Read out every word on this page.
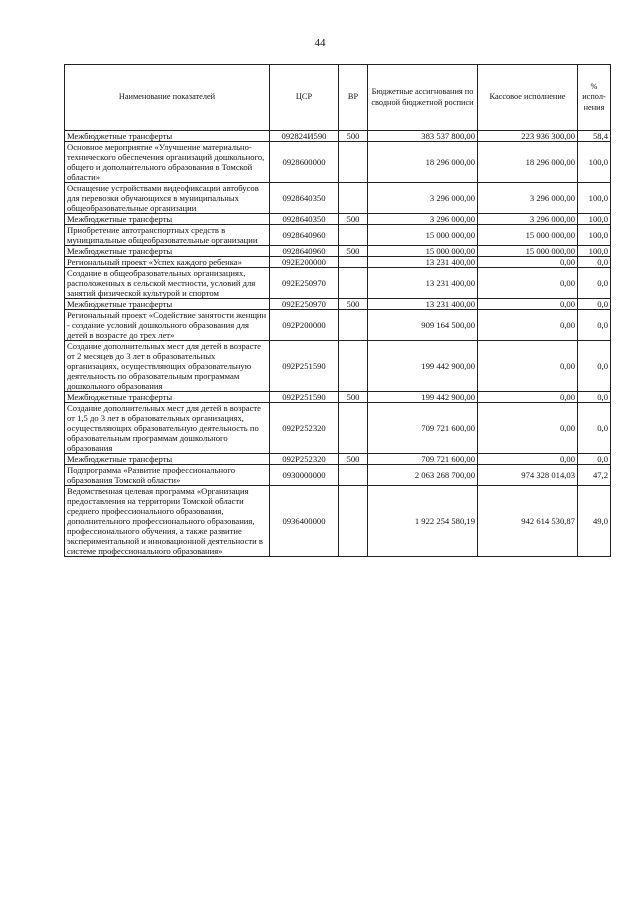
44
Наименование показателей	ЦСР	ВР	Бюджетные ассигнования по сводной бюджетной росписи	Кассовое исполнение	% испол-нения
Межбюджетные трансферты	092824И590	500	383 537 800,00	223 936 300,00	58,4
Основное мероприятие «Улучшение материально-технического обеспечения организаций дошкольного, общего и дополнительного образования в Томской области»	0928600000		18 296 000,00	18 296 000,00	100,0
Оснащение устройствами видеофиксации автобусов для перевозки обучающихся в муниципальных общеобразовательные организации	0928640350		3 296 000,00	3 296 000,00	100,0
Межбюджетные трансферты	0928640350	500	3 296 000,00	3 296 000,00	100,0
Приобретение автотранспортных средств в муниципальные общеобразовательные организации	0928640960		15 000 000,00	15 000 000,00	100,0
Межбюджетные трансферты	0928640960	500	15 000 000,00	15 000 000,00	100,0
Региональный проект «Успех каждого ребенка»	092E200000		13 231 400,00	0,00	0,0
Создание в общеобразовательных организациях, расположенных в сельской местности, условий для занятий физической культурой и спортом	092E250970		13 231 400,00	0,00	0,0
Межбюджетные трансферты	092E250970	500	13 231 400,00	0,00	0,0
Региональный проект «Содействие занятости женщин - создание условий дошкольного образования для детей в возрасте до трех лет»	092P200000		909 164 500,00	0,00	0,0
Создание дополнительных мест для детей в возрасте от 2 месяцев до 3 лет в образовательных организациях, осуществляющих образовательную деятельность по образовательным программам дошкольного образования	092P251590		199 442 900,00	0,00	0,0
Межбюджетные трансферты	092P251590	500	199 442 900,00	0,00	0,0
Создание дополнительных мест для детей в возрасте от 1,5 до 3 лет в образовательных организациях, осуществляющих образовательную деятельность по образовательным программам дошкольного образования	092P252320		709 721 600,00	0,00	0,0
Межбюджетные трансферты	092P252320	500	709 721 600,00	0,00	0,0
Подпрограмма «Развитие профессионального образования Томской области»	0930000000		2 063 268 700,00	974 328 014,03	47,2
Ведомственная целевая программа «Организация предоставления на территории Томской области среднего профессионального образования, дополнительного профессионального образования, профессионального обучения, а также развитие экспериментальной и инновационной деятельности в системе профессионального образования»	0936400000		1 922 254 580,19	942 614 530,87	49,0
